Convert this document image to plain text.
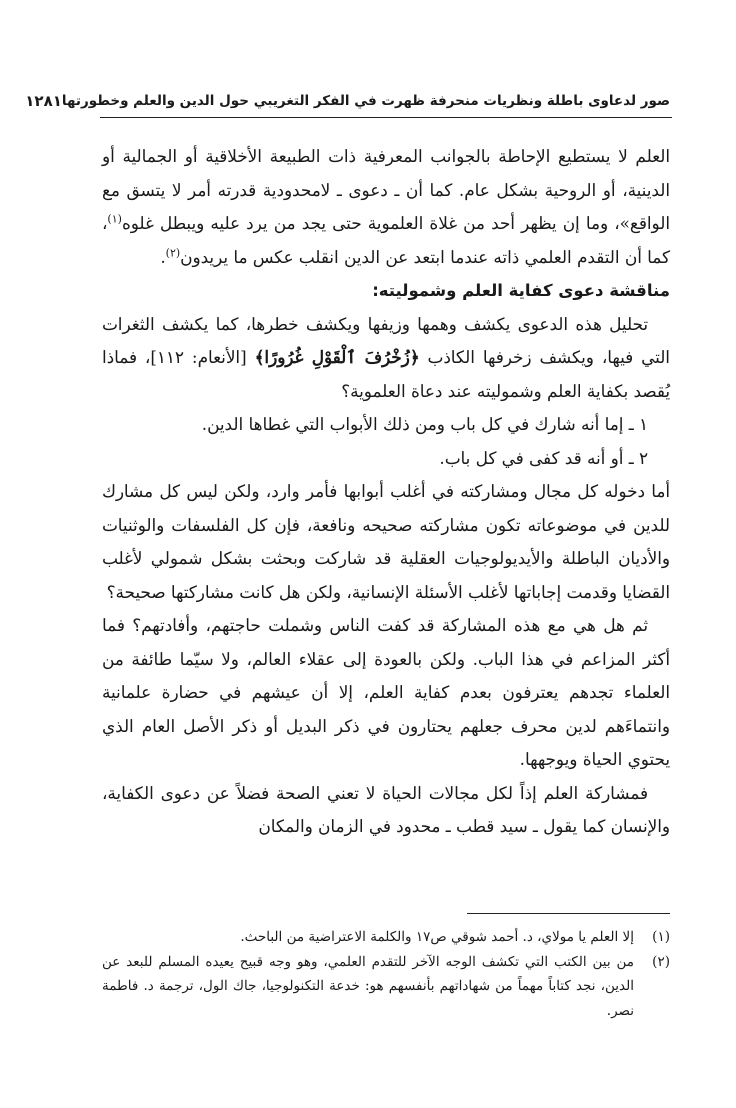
صور لدعاوى باطلة ونظريات منحرفة ظهرت في الفكر التغريبي حول الدين والعلم وخطورتها
١٢٨١

العلم لا يستطيع الإحاطة بالجوانب المعرفية ذات الطبيعة الأخلاقية أو الجمالية أو الدينية، أو الروحية بشكل عام. كما أن ـ دعوى ـ لامحدودية قدرته أمر لا يتسق مع الواقع»، وما إن يظهر أحد من غلاة العلموية حتى يجد من يرد عليه ويبطل غلوه$^{(١)}$، كما أن التقدم العلمي ذاته عندما ابتعد عن الدين انقلب عكس ما يريدون$^{(٢)}$.

مناقشة دعوى كفاية العلم وشموليته:

تحليل هذه الدعوى يكشف وهمها وزيفها ويكشف خطرها، كما يكشف الثغرات التي فيها، ويكشف زخرفها الكاذب ﴿زُخْرُفَ ٱلْقَوْلِ غُرُورًا﴾ [الأنعام: ١١٢]، فماذا يُقصد بكفاية العلم وشموليته عند دعاة العلموية؟

١ ـ إما أنه شارك في كل باب ومن ذلك الأبواب التي غطاها الدين.

٢ ـ أو أنه قد كفى في كل باب.

أما دخوله كل مجال ومشاركته في أغلب أبوابها فأمر وارد، ولكن ليس كل مشارك للدين في موضوعاته تكون مشاركته صحيحه ونافعة، فإن كل الفلسفات والوثنيات والأديان الباطلة والأيديولوجيات العقلية قد شاركت وبحثت بشكل شمولي لأغلب القضايا وقدمت إجاباتها لأغلب الأسئلة الإنسانية، ولكن هل كانت مشاركتها صحيحة؟

ثم هل هي مع هذه المشاركة قد كفت الناس وشملت حاجتهم، وأفادتهم؟ فما أكثر المزاعم في هذا الباب. ولكن بالعودة إلى عقلاء العالم، ولا سيّما طائفة من العلماء تجدهم يعترفون بعدم كفاية العلم، إلا أن عيشهم في حضارة علمانية وانتماءَهم لدين محرف جعلهم يحتارون في ذكر البديل أو ذكر الأصل العام الذي يحتوي الحياة ويوجهها.

فمشاركة العلم إذاً لكل مجالات الحياة لا تعني الصحة فضلاً عن دعوى الكفاية، والإنسان كما يقول ـ سيد قطب ـ محدود في الزمان والمكان

(١)
إلا العلم يا مولاي، د. أحمد شوقي ص١٧ والكلمة الاعتراضية من الباحث.
(٢)
من بين الكتب التي تكشف الوجه الآخر للتقدم العلمي، وهو وجه قبيح يعيده المسلم للبعد عن الدين، نجد كتاباً مهماً من شهاداتهم بأنفسهم هو: خدعة التكنولوجيا، جاك الول، ترجمة د. فاطمة نصر.
